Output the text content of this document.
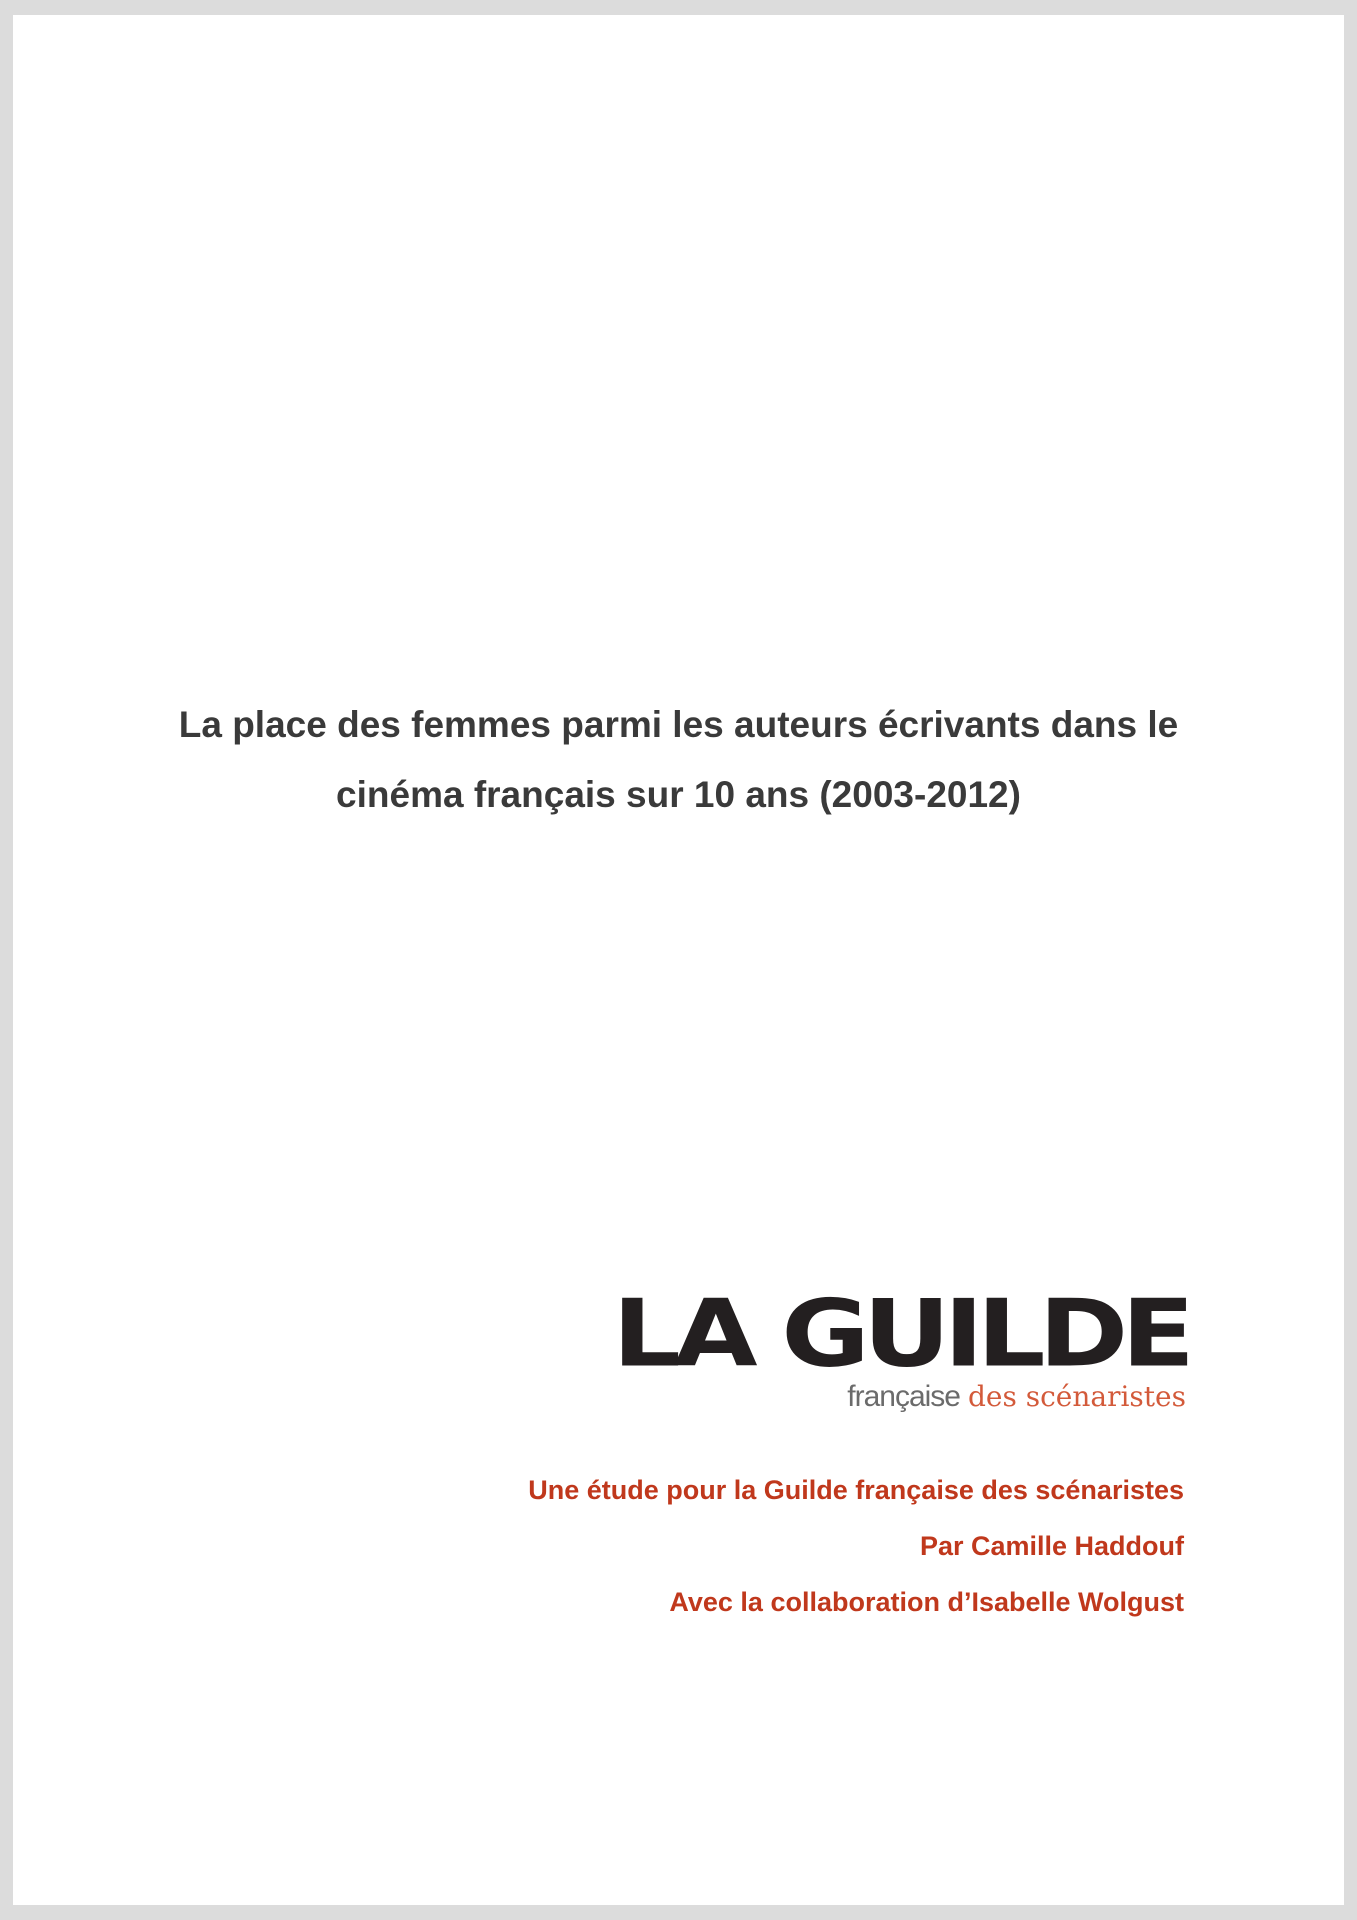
La place des femmes parmi les auteurs écrivants dans le
cinéma français sur 10 ans (2003-2012)
LA GUILDE
française des scénaristes
Une étude pour la Guilde française des scénaristes
Par Camille Haddouf
Avec la collaboration d’Isabelle Wolgust
